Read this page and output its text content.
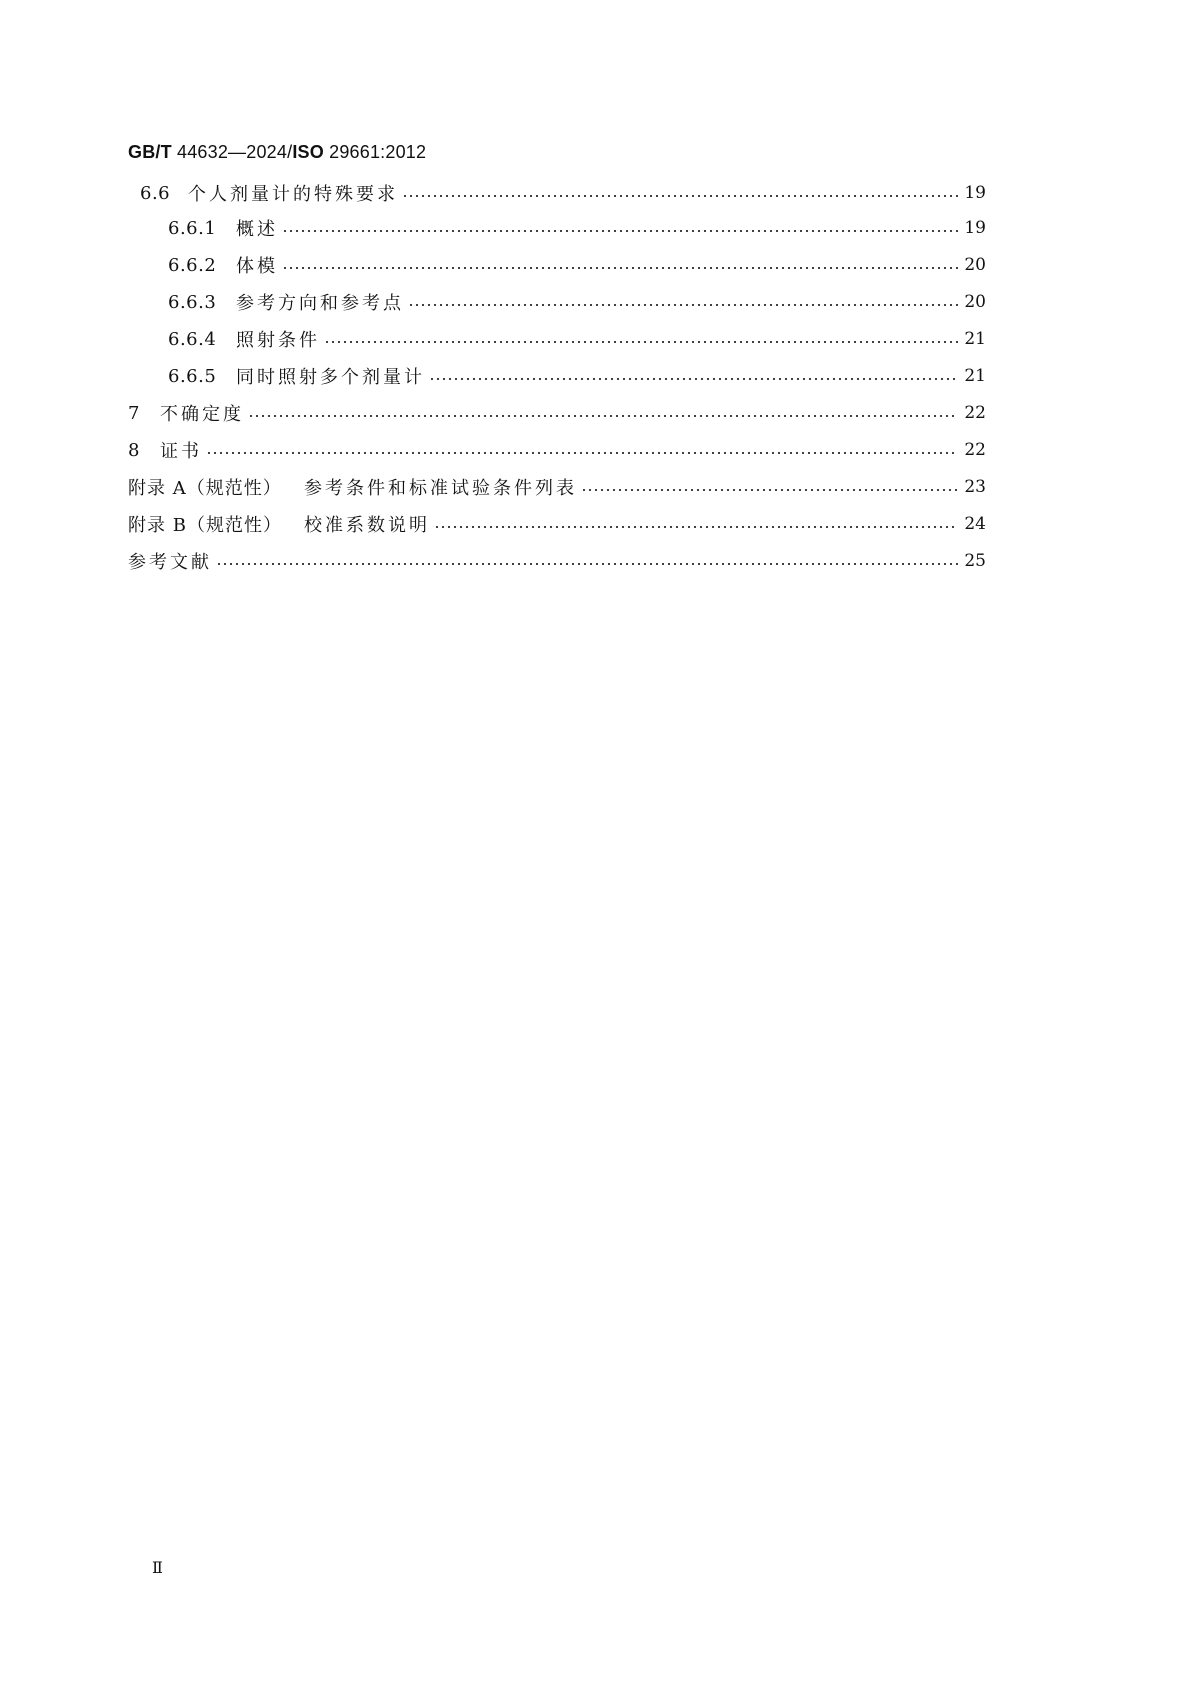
GB/T 44632—2024/ISO 29661:2012
6.6 个人剂量计的特殊要求	19
6.6.1	概述	19
6.6.2	体模	20
6.6.3	参考方向和参考点	20
6.6.4	照射条件	21
6.6.5	同时照射多个剂量计	21
7	不确定度	22
8	证书	22
附录 A（规范性）	参考条件和标准试验条件列表	23
附录 B（规范性）	校准系数说明	24
参考文献	25
Ⅱ
